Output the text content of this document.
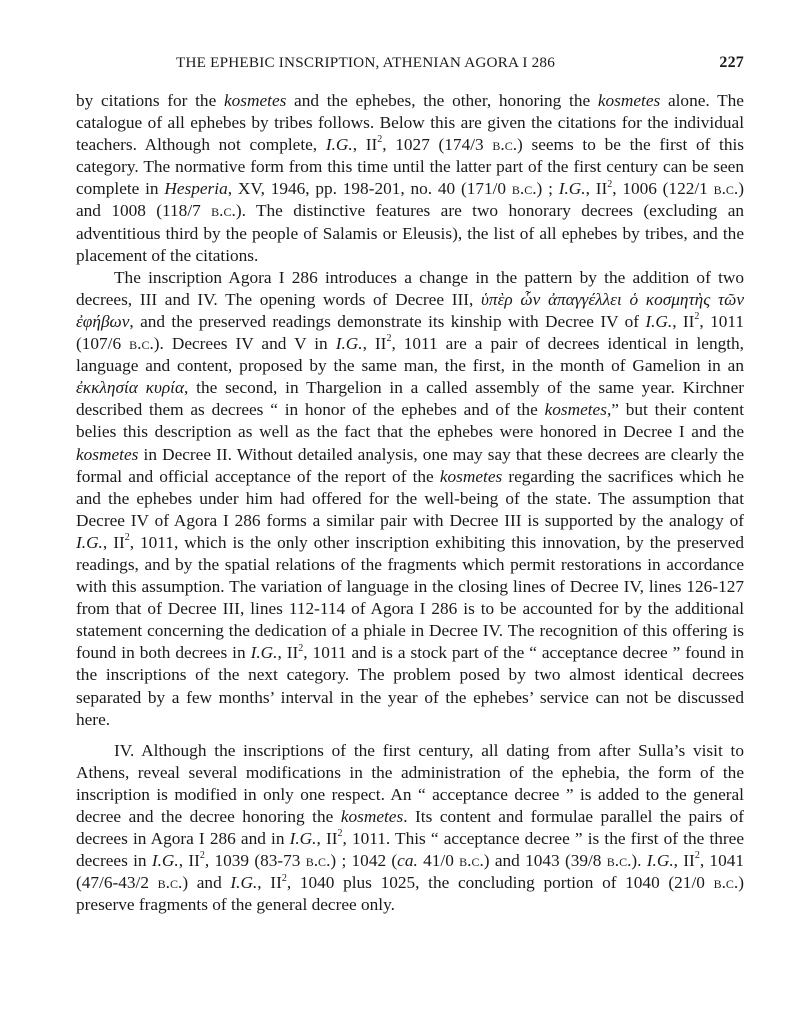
THE EPHEBIC INSCRIPTION, ATHENIAN AGORA I 286	227

by citations for the kosmetes and the ephebes, the other, honoring the kosmetes alone. The catalogue of all ephebes by tribes follows. Below this are given the citations for the individual teachers. Although not complete, I.G., $II^2$, 1027 (174/3 b.c.) seems to be the first of this category. The normative form from this time until the latter part of the first century can be seen complete in Hesperia, XV, 1946, pp. 198-201, no. 40 (171/0 b.c.) ; I.G., $II^2$, 1006 (122/1 b.c.) and 1008 (118/7 b.c.). The distinctive features are two honorary decrees (excluding an adventitious third by the people of Salamis or Eleusis), the list of all ephebes by tribes, and the placement of the citations.

The inscription Agora I 286 introduces a change in the pattern by the addition of two decrees, III and IV. The opening words of Decree III, ὑπὲρ ὧν ἀπαγγέλλει ὁ κοσμητὴς τῶν ἐφήβων, and the preserved readings demonstrate its kinship with Decree IV of I.G., $II^2$, 1011 (107/6 b.c.). Decrees IV and V in I.G., $II^2$, 1011 are a pair of decrees identical in length, language and content, proposed by the same man, the first, in the month of Gamelion in an ἐκκλησία κυρία, the second, in Thargelion in a called assembly of the same year. Kirchner described them as decrees “ in honor of the ephebes and of the kosmetes,” but their content belies this description as well as the fact that the ephebes were honored in Decree I and the kosmetes in Decree II. Without detailed analysis, one may say that these decrees are clearly the formal and official acceptance of the report of the kosmetes regarding the sacrifices which he and the ephebes under him had offered for the well-being of the state. The assumption that Decree IV of Agora I 286 forms a similar pair with Decree III is supported by the analogy of I.G., $II^2$, 1011, which is the only other inscription exhibiting this innovation, by the preserved readings, and by the spatial relations of the fragments which permit restorations in accordance with this assumption. The variation of language in the closing lines of Decree IV, lines 126-127 from that of Decree III, lines 112-114 of Agora I 286 is to be accounted for by the additional statement concerning the dedication of a phiale in Decree IV. The recognition of this offering is found in both decrees in I.G., $II^2$, 1011 and is a stock part of the “ acceptance decree ” found in the inscriptions of the next category. The problem posed by two almost identical decrees separated by a few months’ interval in the year of the ephebes’ service can not be discussed here.

IV. Although the inscriptions of the first century, all dating from after Sulla’s visit to Athens, reveal several modifications in the administration of the ephebia, the form of the inscription is modified in only one respect. An “ acceptance decree ” is added to the general decree and the decree honoring the kosmetes. Its content and formulae parallel the pairs of decrees in Agora I 286 and in I.G., $II^2$, 1011. This “ acceptance decree ” is the first of the three decrees in I.G., $II^2$, 1039 (83-73 b.c.) ; 1042 (ca. 41/0 b.c.) and 1043 (39/8 b.c.). I.G., $II^2$, 1041 (47/6-43/2 b.c.) and I.G., $II^2$, 1040 plus 1025, the concluding portion of 1040 (21/0 b.c.) preserve fragments of the general decree only.
